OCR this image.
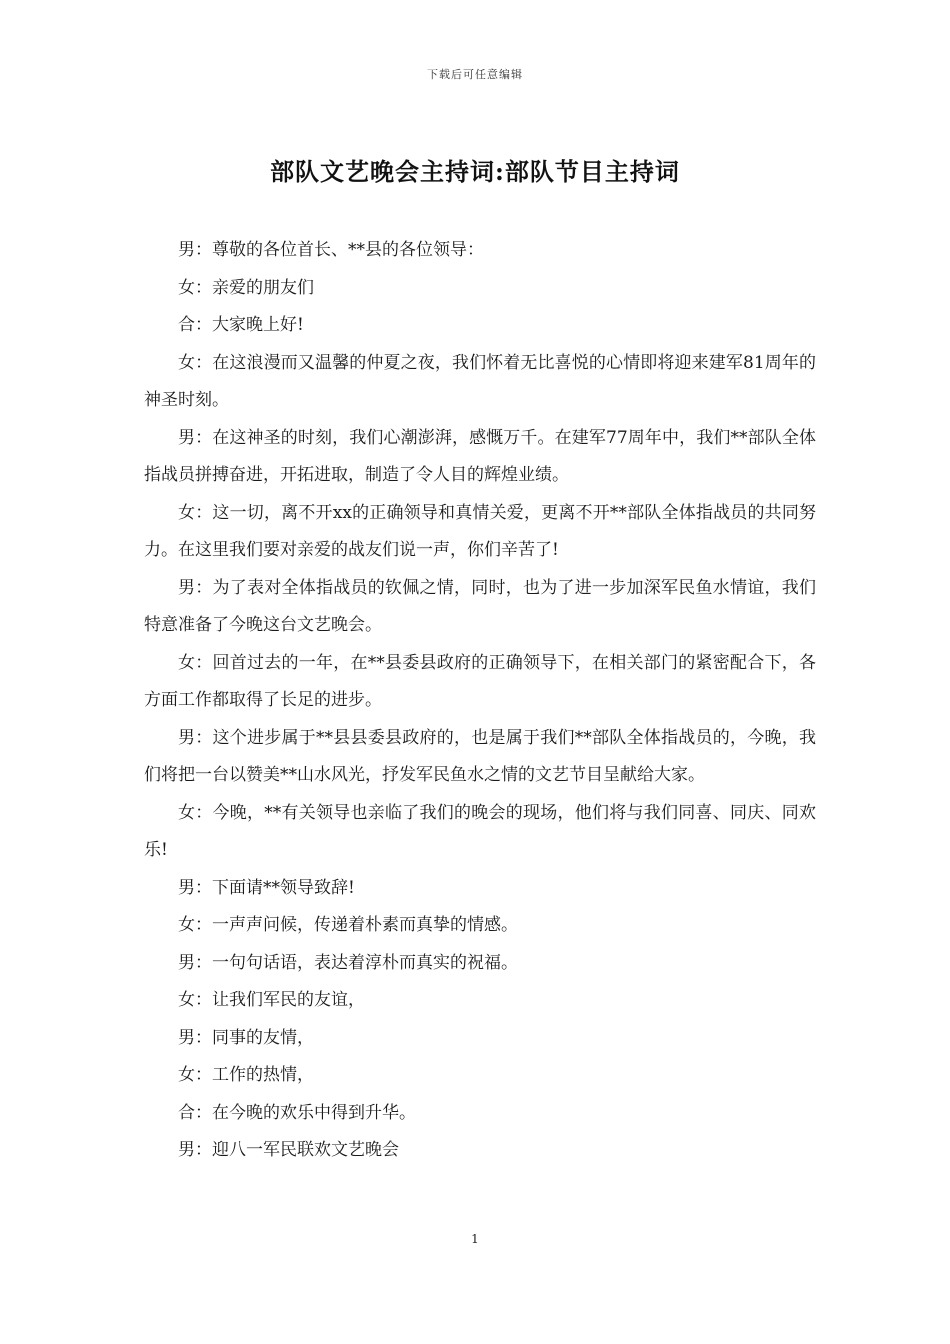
下载后可任意编辑
部队文艺晚会主持词:部队节目主持词

男：尊敬的各位首长、**县的各位领导：

女：亲爱的朋友们

合：大家晚上好!

女：在这浪漫而又温馨的仲夏之夜，我们怀着无比喜悦的心情即将迎来建军81周年的神圣时刻。

男：在这神圣的时刻，我们心潮澎湃，感慨万千。在建军77周年中，我们**部队全体指战员拼搏奋进，开拓进取，制造了令人目的辉煌业绩。

女：这一切，离不开xx的正确领导和真情关爱，更离不开**部队全体指战员的共同努力。在这里我们要对亲爱的战友们说一声，你们辛苦了!

男：为了表对全体指战员的钦佩之情，同时，也为了进一步加深军民鱼水情谊，我们特意准备了今晚这台文艺晚会。

女：回首过去的一年，在**县委县政府的正确领导下，在相关部门的紧密配合下，各方面工作都取得了长足的进步。

男：这个进步属于**县县委县政府的，也是属于我们**部队全体指战员的，今晚，我们将把一台以赞美**山水风光，抒发军民鱼水之情的文艺节目呈献给大家。

女：今晚，**有关领导也亲临了我们的晚会的现场，他们将与我们同喜、同庆、同欢乐!

男：下面请**领导致辞!

女：一声声问候，传递着朴素而真挚的情感。

男：一句句话语，表达着淳朴而真实的祝福。

女：让我们军民的友谊，

男：同事的友情，

女：工作的热情，

合：在今晚的欢乐中得到升华。

男：迎八一军民联欢文艺晚会

1
